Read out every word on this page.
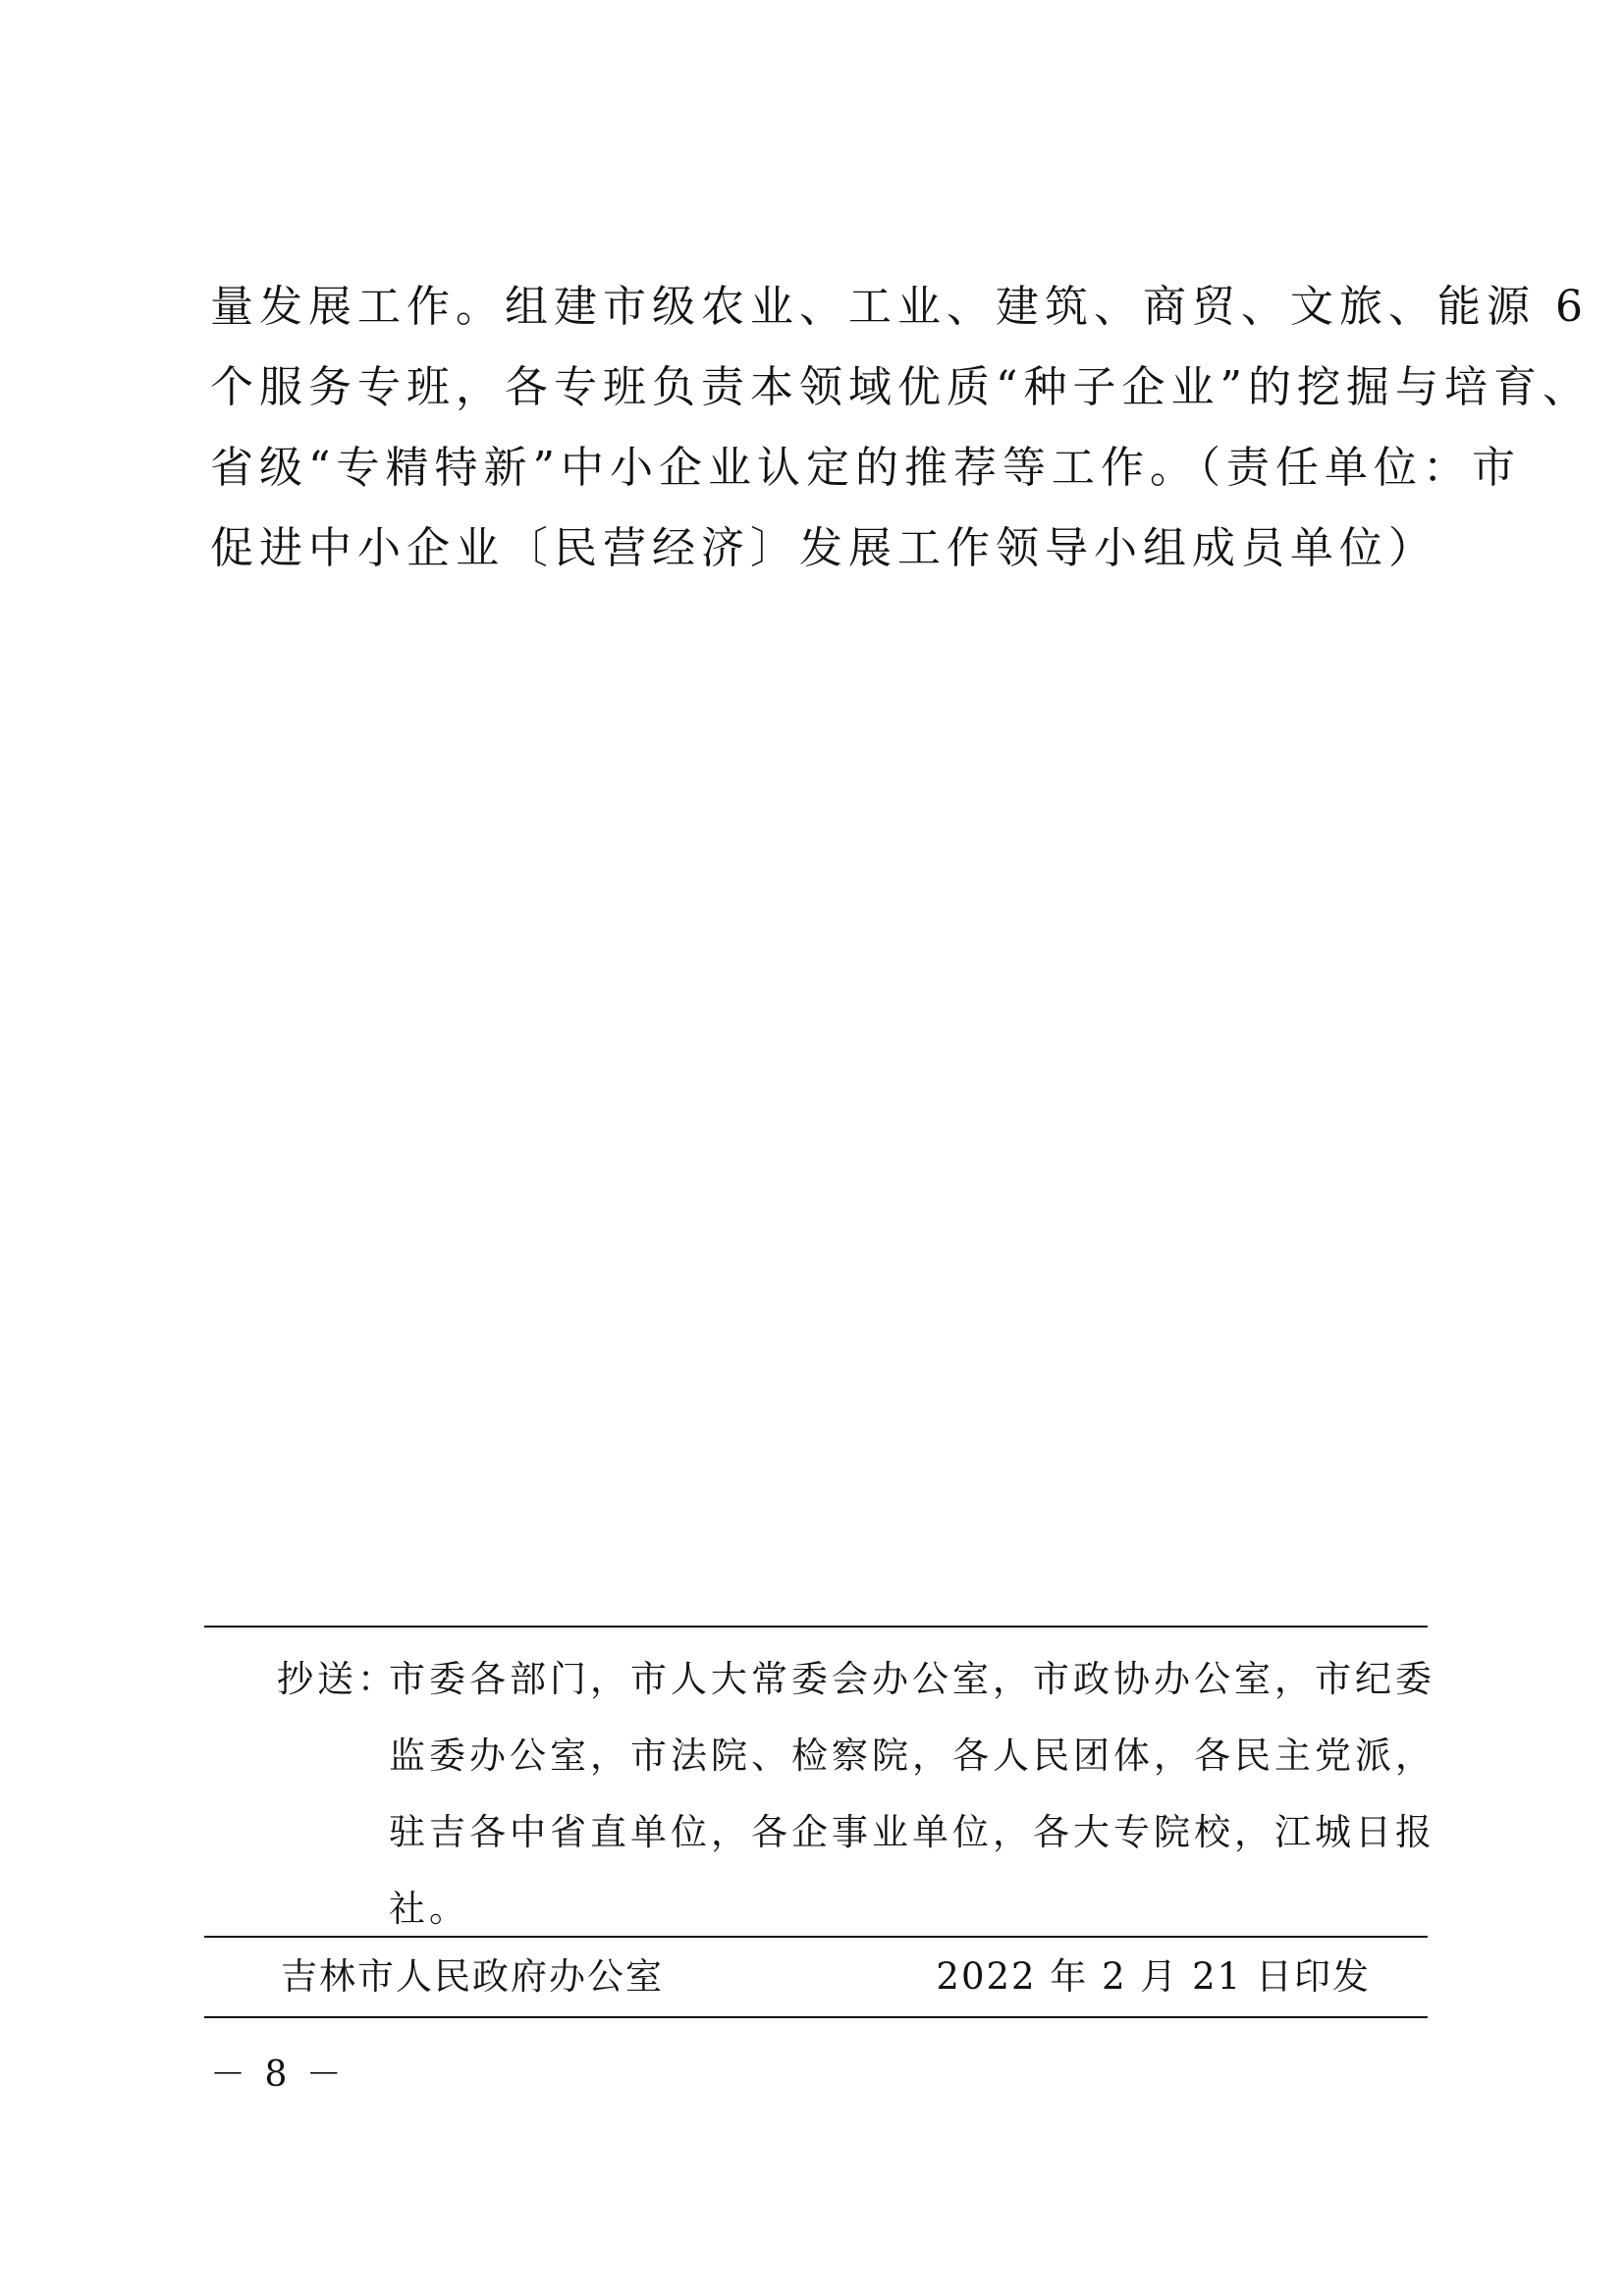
量发展工作。组建市级农业、工业、建筑、商贸、文旅、能源 6
个服务专班，各专班负责本领域优质“种子企业”的挖掘与培育、
省级“专精特新”中小企业认定的推荐等工作。（责任单位：市
促进中小企业〔民营经济〕发展工作领导小组成员单位）
抄送：
市委各部门，市人大常委会办公室，市政协办公室，市纪委
监委办公室，市法院、检察院，各人民团体，各民主党派，
驻吉各中省直单位，各企事业单位，各大专院校，江城日报
社。
吉林市人民政府办公室	2022 年 2 月 21 日印发
－ 8 －
